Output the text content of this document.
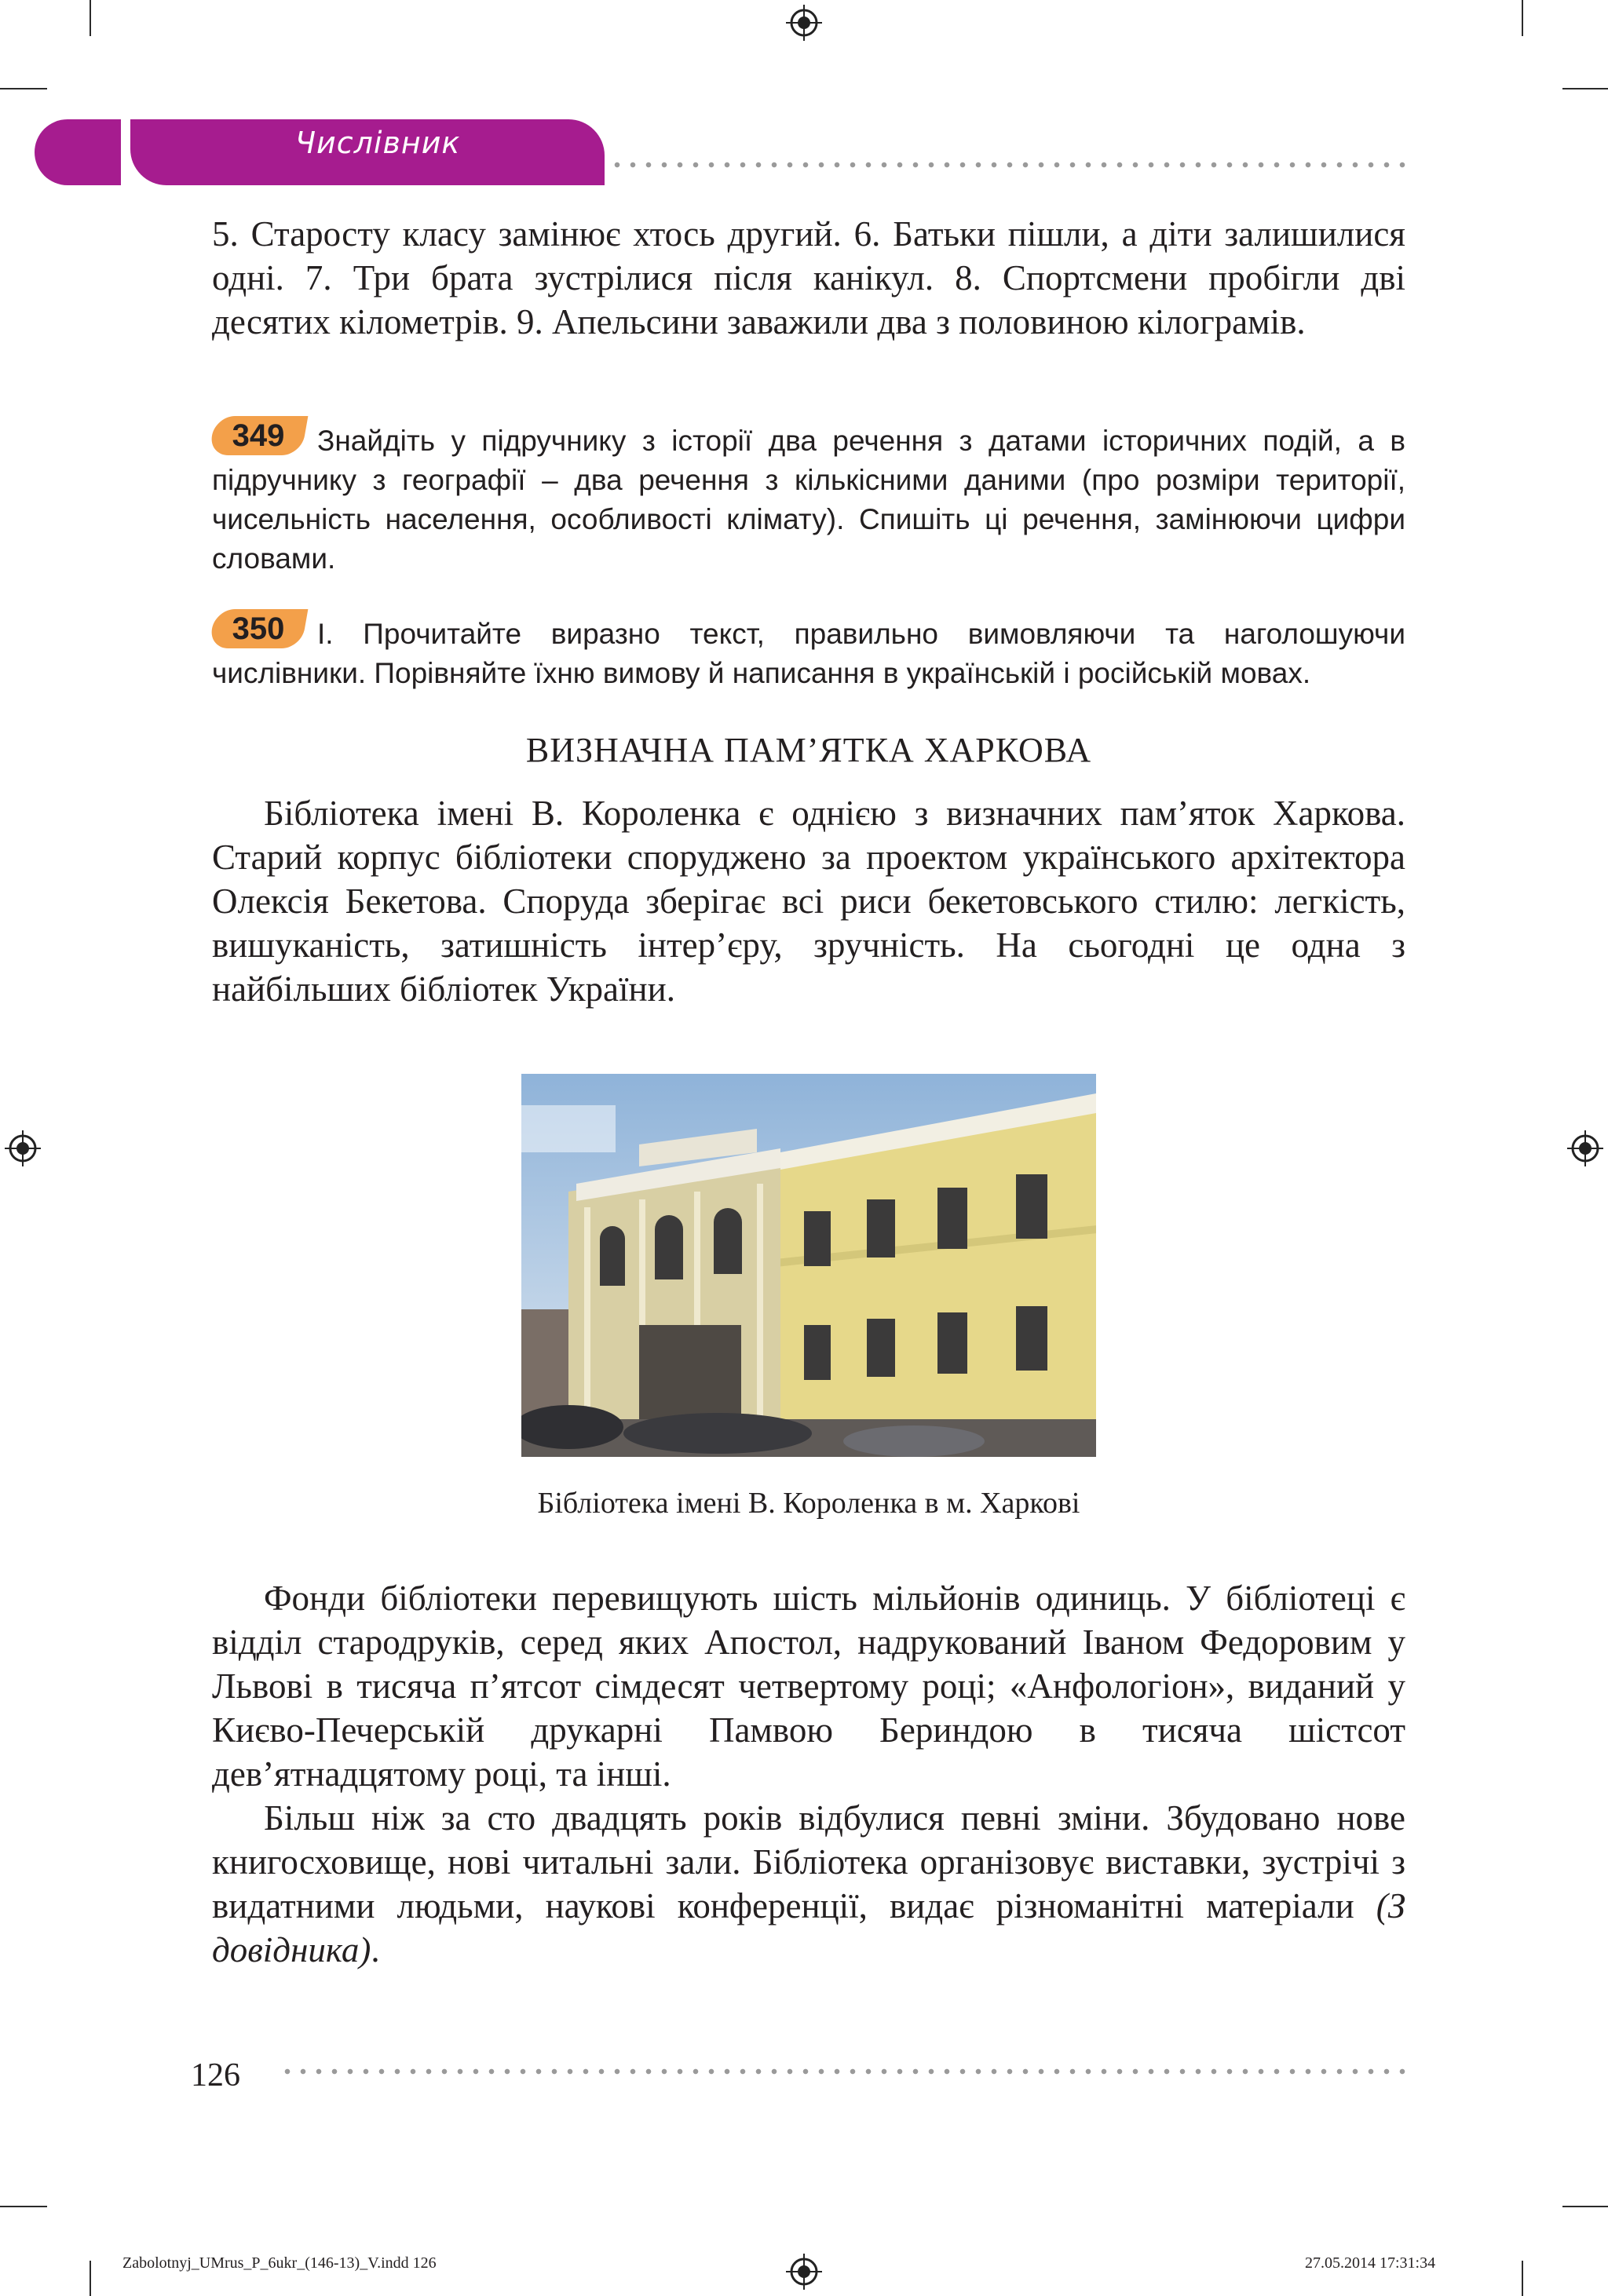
Числівник

5. Старосту класу замінює хтось другий. 6. Батьки пішли, а діти залишилися одні. 7. Три брата зустрілися після канікул. 8. Спортсмени пробігли дві десятих кілометрів. 9. Апельсини заважили два з половиною кілограмів.

349	Знайдіть у підручнику з історії два речення з датами історичних подій, а в підручнику з географії – два речення з кількісними даними (про розміри території, чисельність населення, особливості клімату). Спишіть ці речення, замінюючи цифри словами.
350	I. Прочитайте виразно текст, правильно вимовляючи та наголошуючи числівники. Порівняйте їхню вимову й написання в українській і російській мовах.
ВИЗНАЧНА ПАМ’ЯТКА ХАРКОВА

Бібліотека імені В. Короленка є однією з визначних пам’яток Харкова. Старий корпус бібліотеки споруджено за проектом українського архітектора Олексія Бекетова. Споруда зберігає всі риси бекетовського стилю: легкість, вишуканість, затишність інтер’єру, зручність. На сьогодні це одна з найбільших бібліотек України.

Бібліотека імені В. Короленка в м. Харкові

Фонди бібліотеки перевищують шість мільйонів одиниць. У бібліотеці є відділ стародруків, серед яких Апостол, надрукований Іваном Федоровим у Львові в тисяча п’ятсот сімдесят четвертому році; «Анфологіон», виданий у Києво-Печерській друкарні Памвою Бериндою в тисяча шістсот дев’ятнадцятому році, та інші.

Більш ніж за сто двадцять років відбулися певні зміни. Збудовано нове книгосховище, нові читальні зали. Бібліотека організовує виставки, зустрічі з видатними людьми, наукові конференції, видає різноманітні матеріали (З довідника).

126
Zabolotnyj_UMrus_P_6ukr_(146-13)_V.indd 126	27.05.2014 17:31:34
